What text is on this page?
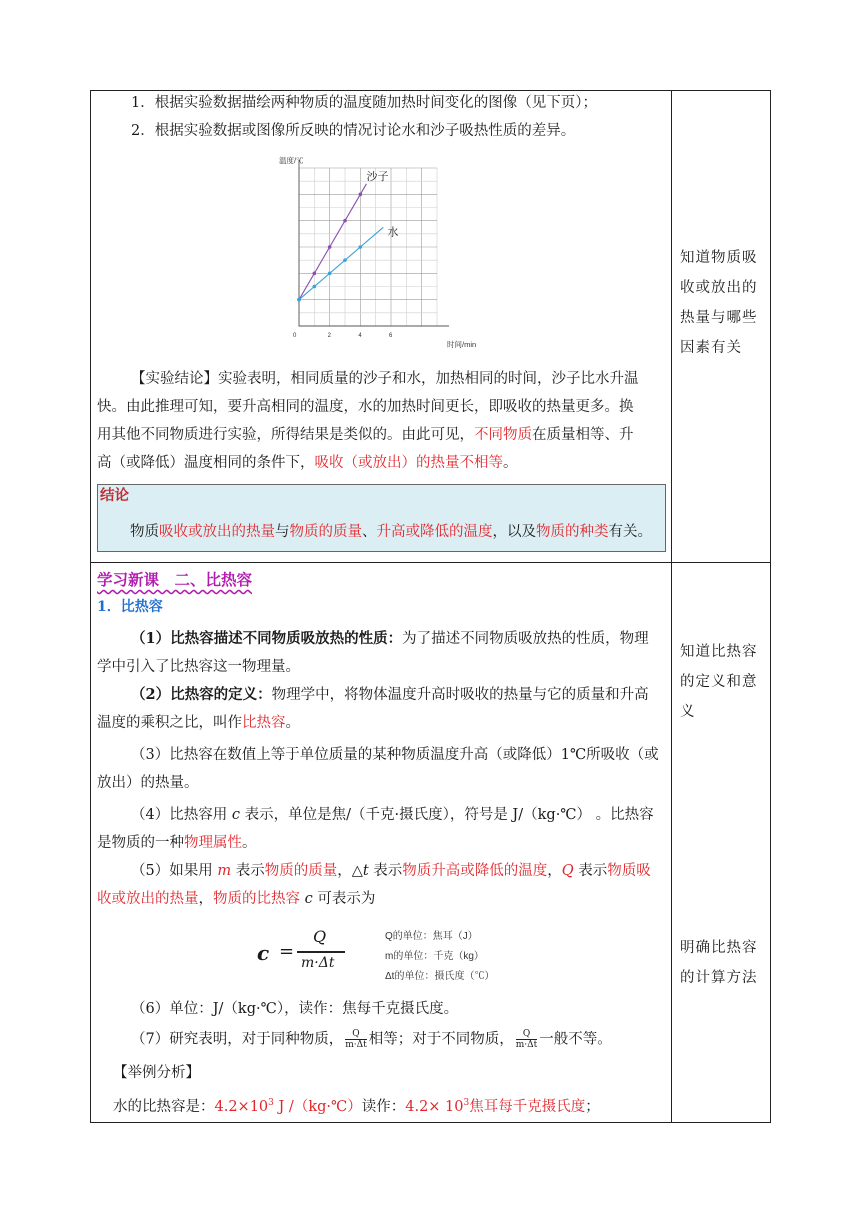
1．根据实验数据描绘两种物质的温度随加热时间变化的图像（见下页）；
2．根据实验数据或图像所反映的情况讨论水和沙子吸热性质的差异。
温度/℃
时间/min
0	2	4	6
沙子
水
【实验结论】实验表明，相同质量的沙子和水，加热相同的时间，沙子比水升温
快。由此推理可知，要升高相同的温度，水的加热时间更长，即吸收的热量更多。换
用其他不同物质进行实验，所得结果是类似的。由此可见，不同物质在质量相等、升
高（或降低）温度相同的条件下，吸收（或放出）的热量不相等。
结论
物质吸收或放出的热量与物质的质量、升高或降低的温度，以及物质的种类有关。
知道物质吸
收或放出的
热量与哪些
因素有关
学习新课　二、比热容
1．比热容
（1）比热容描述不同物质吸放热的性质：为了描述不同物质吸放热的性质，物理
学中引入了比热容这一物理量。
（2）比热容的定义：物理学中，将物体温度升高时吸收的热量与它的质量和升高
温度的乘积之比，叫作比热容。
（3）比热容在数值上等于单位质量的某种物质温度升高（或降低）1℃所吸收（或
放出）的热量。
（4）比热容用 c 表示，单位是焦/（千克·摄氏度），符号是 J/（kg·℃） 。比热容
是物质的一种物理属性。
（5）如果用 m 表示物质的质量，△t 表示物质升高或降低的温度，Q 表示物质吸
收或放出的热量，物质的比热容 c 可表示为
c =
Q
m·Δt
Q的单位：焦耳（J）
m的单位：千克（kg）
Δt的单位：摄氏度（℃）
（6）单位：J/（kg·℃），读作：焦每千克摄氏度。
（7）研究表明，对于同种物质， $\frac{Q}{m\cdot\Delta t}$ 相等；对于不同物质， $\frac{Q}{m\cdot\Delta t}$ 一般不等。
【举例分析】
水的比热容是：$4.2\times 10^3$ J /（kg·℃）读作：$4.2\times 10^3$焦耳每千克摄氏度；
知道比热容
的定义和意
义
明确比热容
的计算方法
